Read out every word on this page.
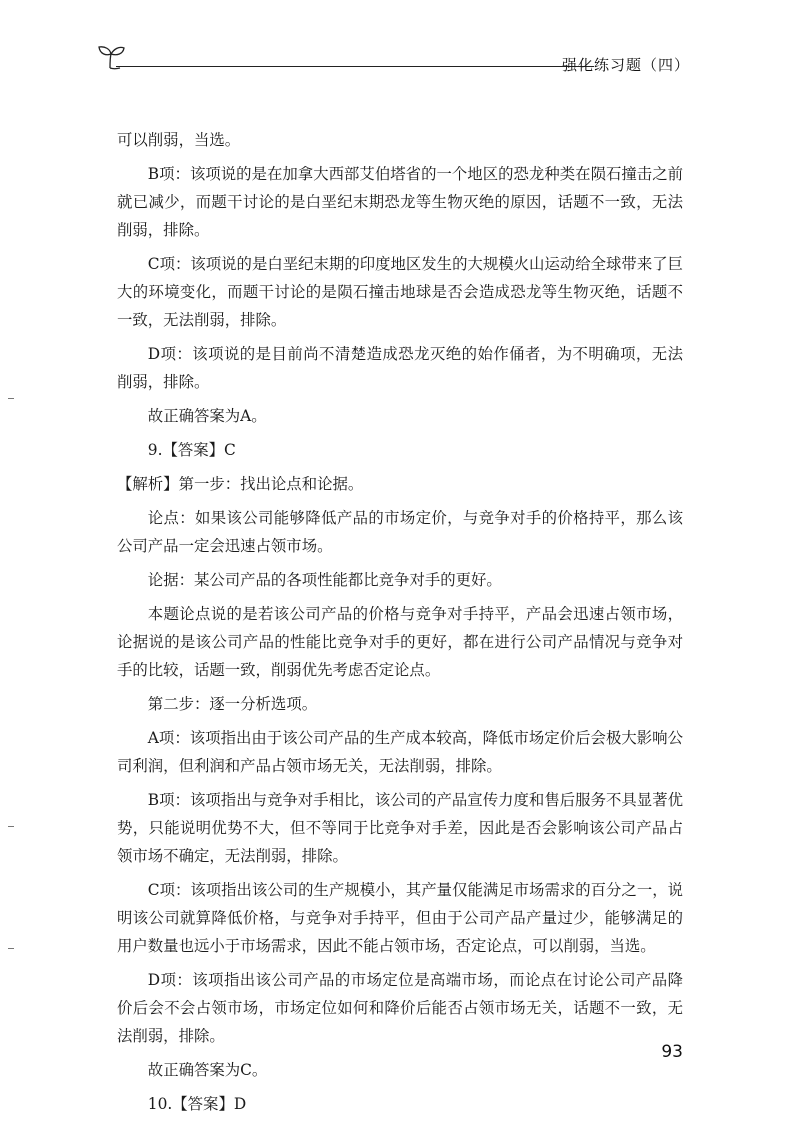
强化练习题（四）

可以削弱，当选。

B项：该项说的是在加拿大西部艾伯塔省的一个地区的恐龙种类在陨石撞击之前就已减少，而题干讨论的是白垩纪末期恐龙等生物灭绝的原因，话题不一致，无法削弱，排除。

C项：该项说的是白垩纪末期的印度地区发生的大规模火山运动给全球带来了巨大的环境变化，而题干讨论的是陨石撞击地球是否会造成恐龙等生物灭绝，话题不一致，无法削弱，排除。

D项：该项说的是目前尚不清楚造成恐龙灭绝的始作俑者，为不明确项，无法削弱，排除。

故正确答案为A。

9.【答案】C

【解析】第一步：找出论点和论据。

论点：如果该公司能够降低产品的市场定价，与竞争对手的价格持平，那么该公司产品一定会迅速占领市场。

论据：某公司产品的各项性能都比竞争对手的更好。

本题论点说的是若该公司产品的价格与竞争对手持平，产品会迅速占领市场，论据说的是该公司产品的性能比竞争对手的更好，都在进行公司产品情况与竞争对手的比较，话题一致，削弱优先考虑否定论点。

第二步：逐一分析选项。

A项：该项指出由于该公司产品的生产成本较高，降低市场定价后会极大影响公司利润，但利润和产品占领市场无关，无法削弱，排除。

B项：该项指出与竞争对手相比，该公司的产品宣传力度和售后服务不具显著优势，只能说明优势不大，但不等同于比竞争对手差，因此是否会影响该公司产品占领市场不确定，无法削弱，排除。

C项：该项指出该公司的生产规模小，其产量仅能满足市场需求的百分之一，说明该公司就算降低价格，与竞争对手持平，但由于公司产品产量过少，能够满足的用户数量也远小于市场需求，因此不能占领市场，否定论点，可以削弱，当选。

D项：该项指出该公司产品的市场定位是高端市场，而论点在讨论公司产品降价后会不会占领市场，市场定位如何和降价后能否占领市场无关，话题不一致，无法削弱，排除。

故正确答案为C。

10.【答案】D

93
